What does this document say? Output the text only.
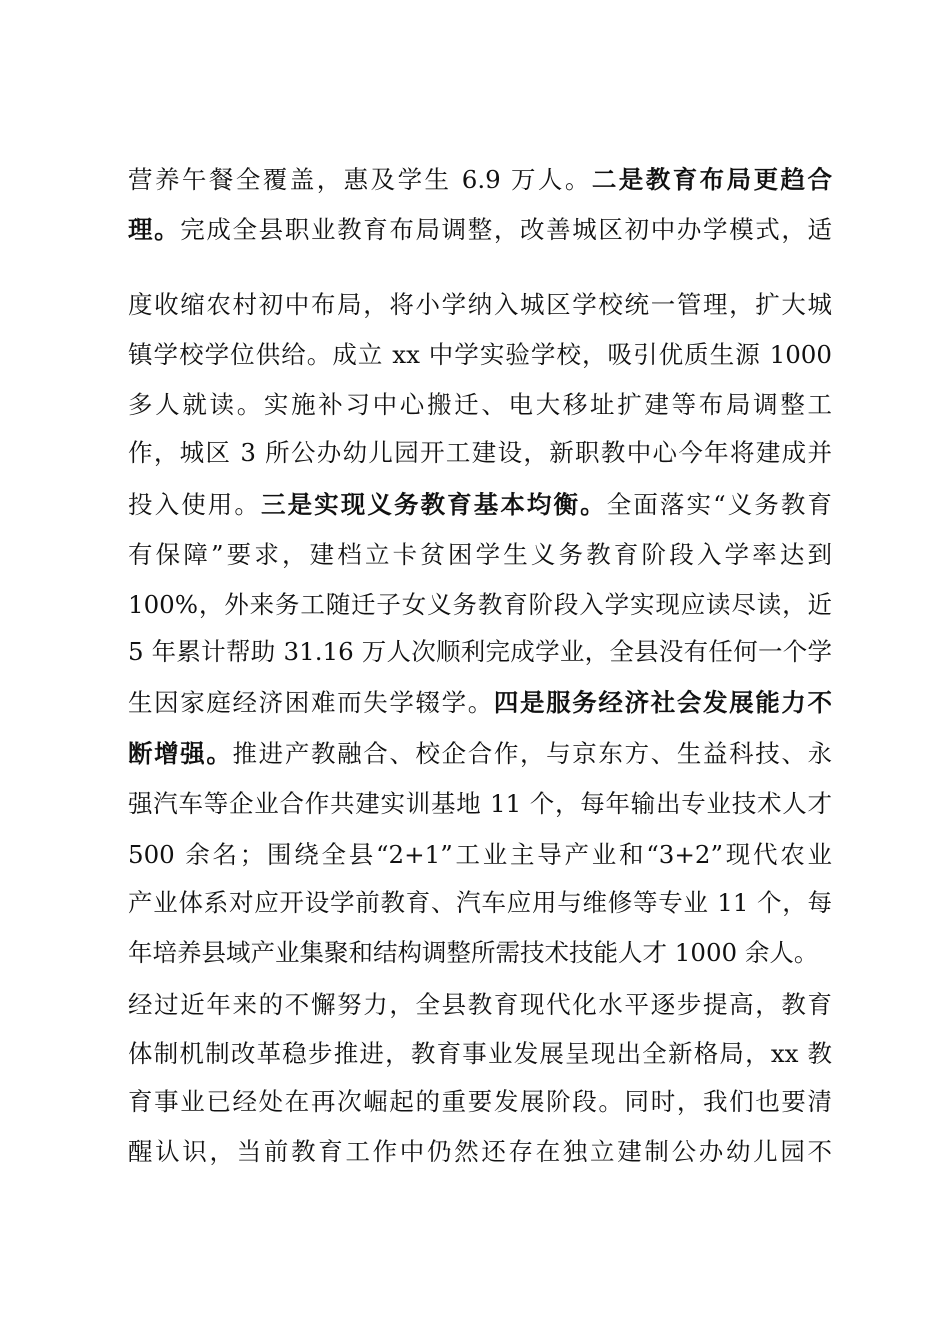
营养午餐全覆盖，惠及学生 6.9 万人。二是教育布局更趋合
理。完成全县职业教育布局调整，改善城区初中办学模式，适
度收缩农村初中布局，将小学纳入城区学校统一管理，扩大城
镇学校学位供给。成立 xx 中学实验学校，吸引优质生源 1000
多人就读。实施补习中心搬迁、电大移址扩建等布局调整工
作，城区 3 所公办幼儿园开工建设，新职教中心今年将建成并
投入使用。三是实现义务教育基本均衡。全面落实“义务教育
有保障”要求，建档立卡贫困学生义务教育阶段入学率达到
100%，外来务工随迁子女义务教育阶段入学实现应读尽读，近
5 年累计帮助 31.16 万人次顺利完成学业，全县没有任何一个学
生因家庭经济困难而失学辍学。四是服务经济社会发展能力不
断增强。推进产教融合、校企合作，与京东方、生益科技、永
强汽车等企业合作共建实训基地 11 个，每年输出专业技术人才
500 余名；围绕全县“2+1”工业主导产业和“3+2”现代农业
产业体系对应开设学前教育、汽车应用与维修等专业 11 个，每
年培养县域产业集聚和结构调整所需技术技能人才 1000 余人。
经过近年来的不懈努力，全县教育现代化水平逐步提高，教育
体制机制改革稳步推进，教育事业发展呈现出全新格局，xx 教
育事业已经处在再次崛起的重要发展阶段。同时，我们也要清
醒认识，当前教育工作中仍然还存在独立建制公办幼儿园不
